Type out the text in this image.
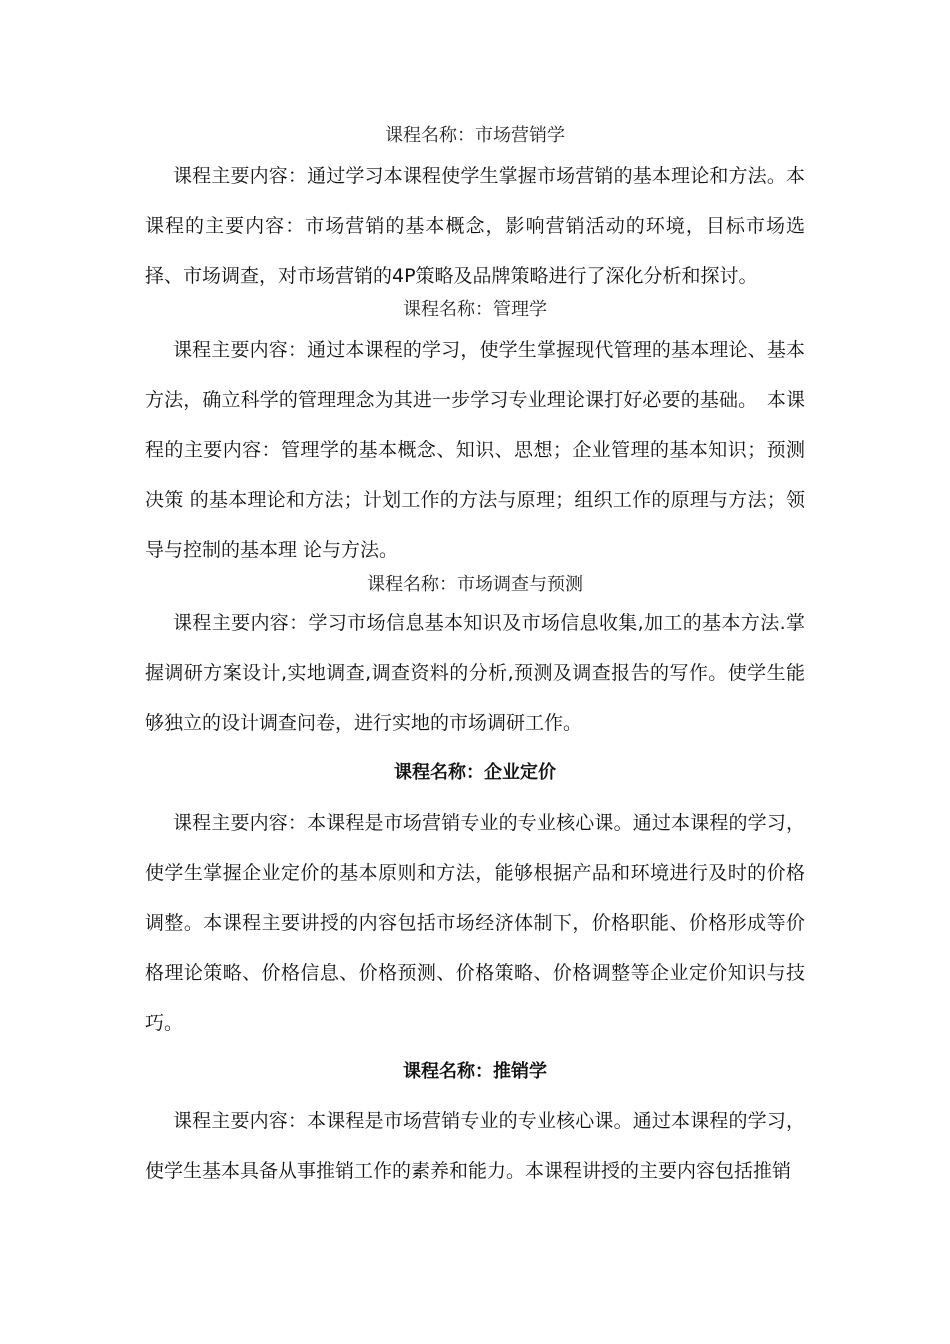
课程名称：市场营销学

课程主要内容：通过学习本课程使学生掌握市场营销的基本理论和方法。本课程的主要内容：市场营销的基本概念，影响营销活动的环境，目标市场选择、市场调查，对市场营销的4P策略及品牌策略进行了深化分析和探讨。

课程名称：管理学

课程主要内容：通过本课程的学习，使学生掌握现代管理的基本理论、基本方法，确立科学的管理理念为其进一步学习专业理论课打好必要的基础。　本课程的主要内容：管理学的基本概念、知识、思想；企业管理的基本知识；预测决策 的基本理论和方法；计划工作的方法与原理；组织工作的原理与方法；领导与控制的基本理 论与方法。

课程名称：市场调查与预测

课程主要内容：学习市场信息基本知识及市场信息收集,加工的基本方法.掌握调研方案设计,实地调查,调查资料的分析,预测及调查报告的写作。使学生能够独立的设计调查问卷，进行实地的市场调研工作。

课程名称：企业定价

课程主要内容：本课程是市场营销专业的专业核心课。通过本课程的学习，使学生掌握企业定价的基本原则和方法，能够根据产品和环境进行及时的价格调整。本课程主要讲授的内容包括市场经济体制下，价格职能、价格形成等价格理论策略、价格信息、价格预测、价格策略、价格调整等企业定价知识与技巧。

课程名称：推销学

课程主要内容：本课程是市场营销专业的专业核心课。通过本课程的学习，使学生基本具备从事推销工作的素养和能力。本课程讲授的主要内容包括推销
